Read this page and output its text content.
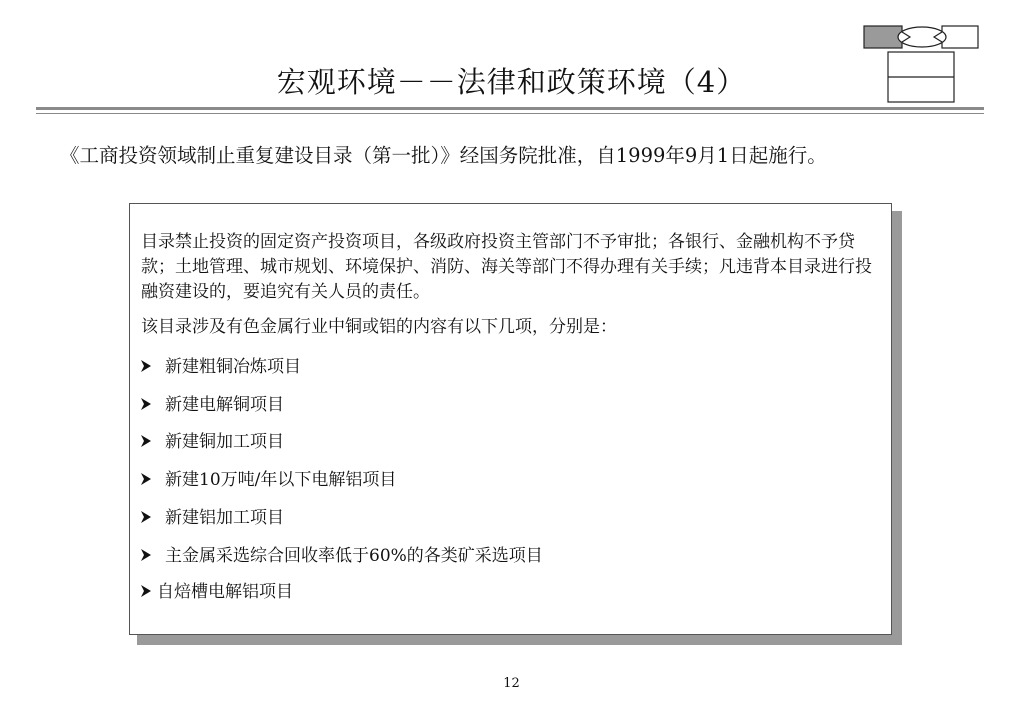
宏观环境－－法律和政策环境（4）
《工商投资领域制止重复建设目录（第一批）》经国务院批准，自1999年9月1日起施行。
目录禁止投资的固定资产投资项目，各级政府投资主管部门不予审批；各银行、金融机构不予贷款；土地管理、城市规划、环境保护、消防、海关等部门不得办理有关手续；凡违背本目录进行投融资建设的，要追究有关人员的责任。
该目录涉及有色金属行业中铜或铝的内容有以下几项，分别是：
新建粗铜冶炼项目
新建电解铜项目
新建铜加工项目
新建10万吨/年以下电解铝项目
新建铝加工项目
主金属采选综合回收率低于60%的各类矿采选项目
自焙槽电解铝项目
12
